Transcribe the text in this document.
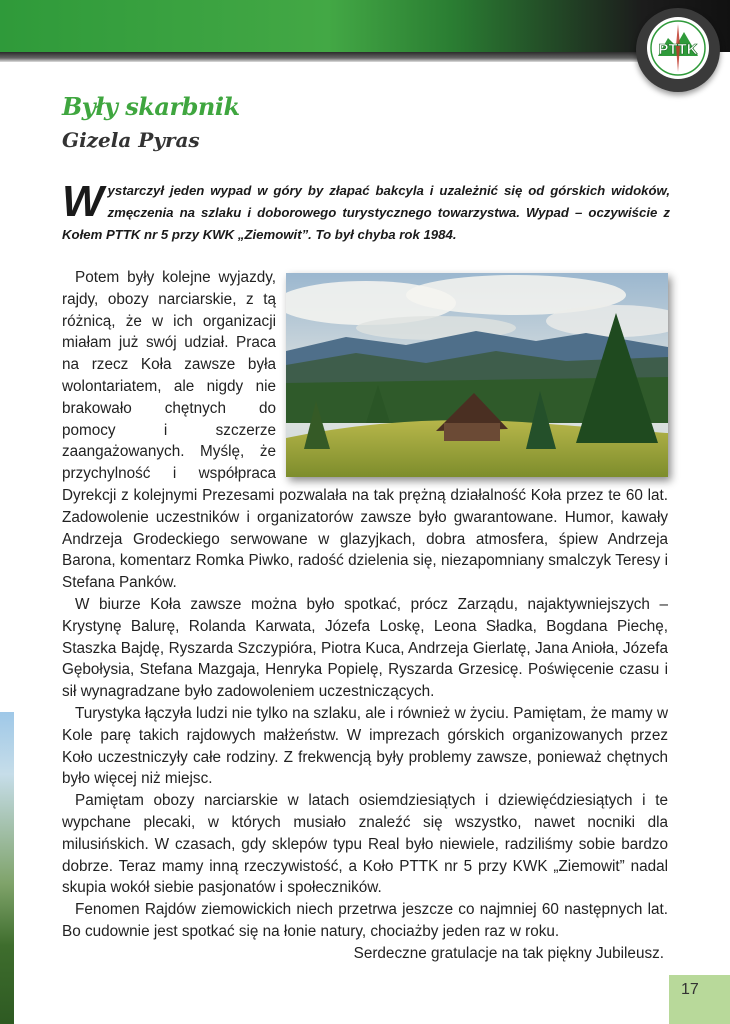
PTTK
Były skarbnik
Gizela Pyras
W ystarczył jeden wypad w góry by złapać bakcyla i uzależnić się od górskich widoków, zmęczenia na szlaku i doborowego turystycznego towarzystwa. Wypad – oczywiście z Kołem PTTK nr 5 przy KWK „Ziemowit”. To był chyba rok 1984.

Potem były kolejne wyjazdy, rajdy, obozy narciarskie, z tą różnicą, że w ich organizacji miałam już swój udział. Praca na rzecz Koła zawsze była wolontariatem, ale nigdy nie brakowało chętnych do pomocy i szczerze zaangażowanych. Myślę, że przychylność i współpraca Dyrekcji z kolejnymi Prezesami pozwalała na tak prężną działalność Koła przez te 60 lat. Zadowolenie uczestników i organizatorów zawsze było gwarantowane. Humor, kawały Andrzeja Grodeckiego serwowane w glazyjkach, dobra atmosfera, śpiew Andrzeja Barona, komentarz Romka Piwko, radość dzielenia się, niezapomniany smalczyk Teresy i Stefana Panków.

W biurze Koła zawsze można było spotkać, prócz Zarządu, najaktywniejszych – Krystynę Balurę, Rolanda Karwata, Józefa Loskę, Leona Sładka, Bogdana Piechę, Staszka Bajdę, Ryszarda Szczypióra, Piotra Kuca, Andrzeja Gierlatę, Jana Anioła, Józefa Gębołysia, Stefana Mazgaja, Henryka Popielę, Ryszarda Grzesicę. Poświęcenie czasu i sił wynagradzane było zadowoleniem uczestniczących.

Turystyka łączyła ludzi nie tylko na szlaku, ale i również w życiu. Pamiętam, że mamy w Kole parę takich rajdowych małżeństw. W imprezach górskich organizowanych przez Koło uczestniczyły całe rodziny. Z frekwencją były problemy zawsze, ponieważ chętnych było więcej niż miejsc.

Pamiętam obozy narciarskie w latach osiemdziesiątych i dziewięćdziesiątych i te wypchane plecaki, w których musiało znaleźć się wszystko, nawet nocniki dla milusińskich. W czasach, gdy sklepów typu Real było niewiele, radziliśmy sobie bardzo dobrze. Teraz mamy inną rzeczywistość, a Koło PTTK nr 5 przy KWK „Ziemowit” nadal skupia wokół siebie pasjonatów i społeczników.

Fenomen Rajdów ziemowickich niech przetrwa jeszcze co najmniej 60 następnych lat. Bo cudownie jest spotkać się na łonie natury, chociażby jeden raz w roku.

Serdeczne gratulacje na tak piękny Jubileusz.

17
